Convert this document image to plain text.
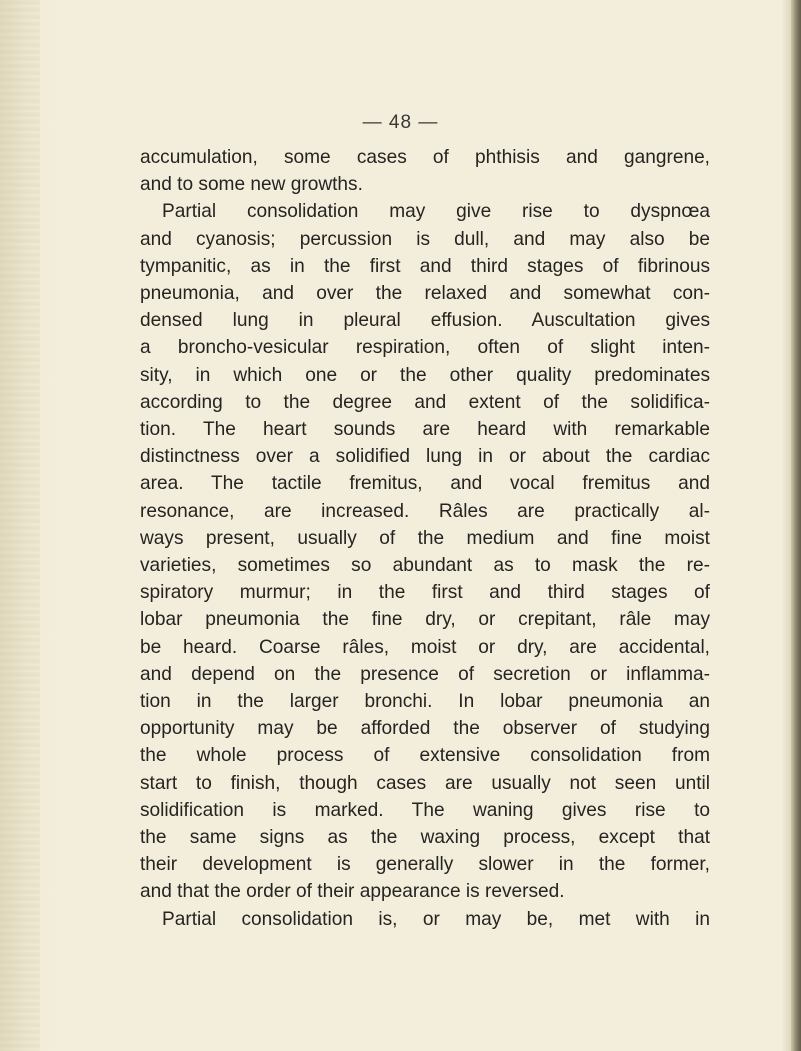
— 48 —
accumulation, some cases of phthisis and gangrene,
and to some new growths.
Partial consolidation may give rise to dyspnœa
and cyanosis; percussion is dull, and may also be
tympanitic, as in the first and third stages of fibrinous
pneumonia, and over the relaxed and somewhat con-
densed lung in pleural effusion. Auscultation gives
a broncho-vesicular respiration, often of slight inten-
sity, in which one or the other quality predominates
according to the degree and extent of the solidifica-
tion. The heart sounds are heard with remarkable
distinctness over a solidified lung in or about the cardiac
area. The tactile fremitus, and vocal fremitus and
resonance, are increased. Râles are practically al-
ways present, usually of the medium and fine moist
varieties, sometimes so abundant as to mask the re-
spiratory murmur; in the first and third stages of
lobar pneumonia the fine dry, or crepitant, râle may
be heard. Coarse râles, moist or dry, are accidental,
and depend on the presence of secretion or inflamma-
tion in the larger bronchi. In lobar pneumonia an
opportunity may be afforded the observer of studying
the whole process of extensive consolidation from
start to finish, though cases are usually not seen until
solidification is marked. The waning gives rise to
the same signs as the waxing process, except that
their development is generally slower in the former,
and that the order of their appearance is reversed.
Partial consolidation is, or may be, met with in
